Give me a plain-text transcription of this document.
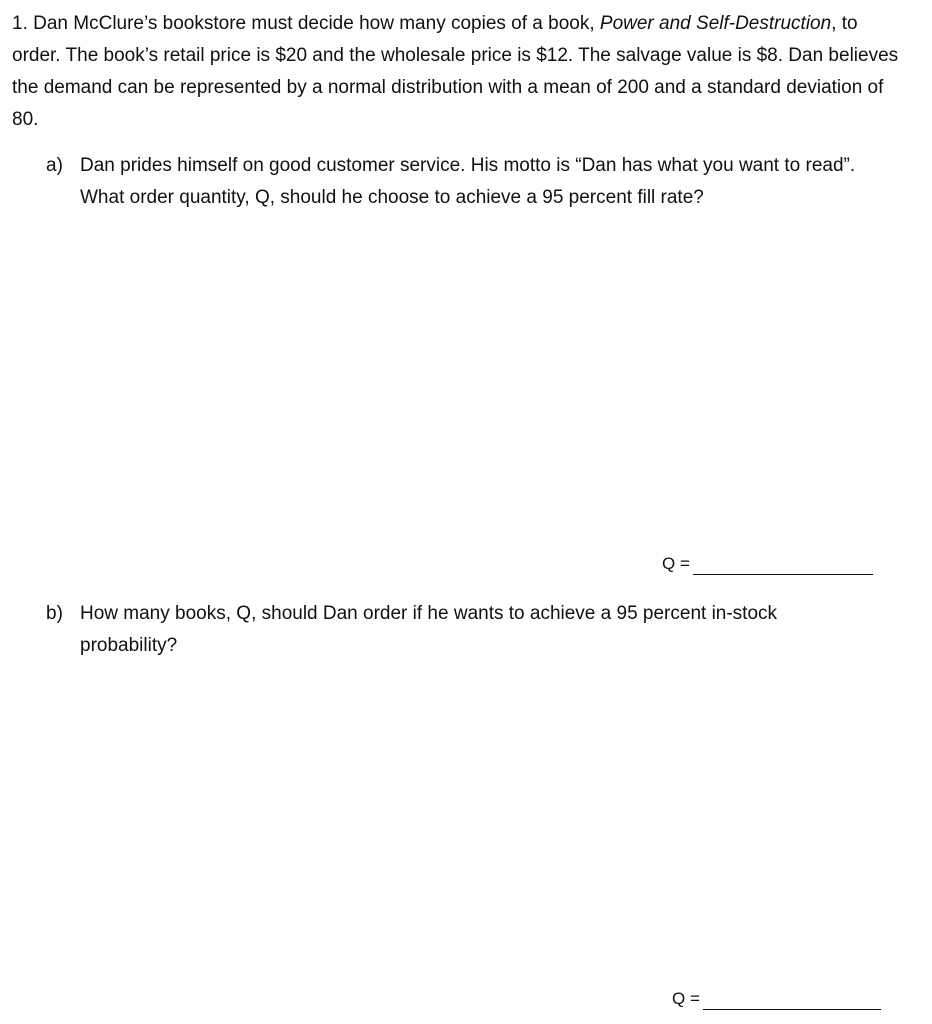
1. Dan McClure’s bookstore must decide how many copies of a book, Power and Self-Destruction, to order. The book’s retail price is $20 and the wholesale price is $12. The salvage value is $8. Dan believes the demand can be represented by a normal distribution with a mean of 200 and a standard deviation of 80.

a) Dan prides himself on good customer service. His motto is “Dan has what you want to read”. What order quantity, Q, should he choose to achieve a 95 percent fill rate?
Q =
b) How many books, Q, should Dan order if he wants to achieve a 95 percent in-stock probability?
Q =
